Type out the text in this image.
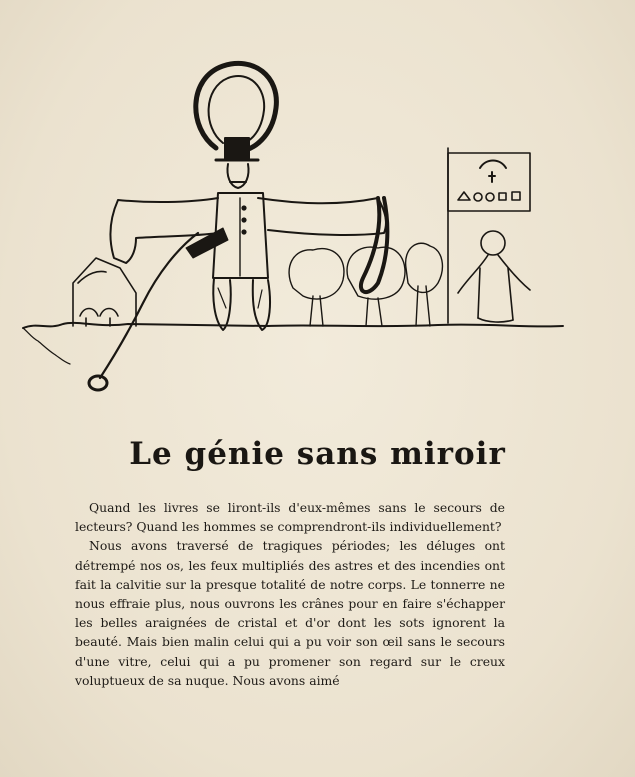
Le génie sans miroir

Quand les livres se liront-ils d'eux-mêmes sans le secours de lecteurs? Quand les hommes se comprendront-ils individuellement?

Nous avons traversé de tragiques périodes; les déluges ont détrempé nos os, les feux multipliés des astres et des incendies ont fait la calvitie sur la presque totalité de notre corps. Le tonnerre ne nous effraie plus, nous ouvrons les crânes pour en faire s'échapper les belles araignées de cristal et d'or dont les sots ignorent la beauté. Mais bien malin celui qui a pu voir son œil sans le secours d'une vitre, celui qui a pu promener son regard sur le creux voluptueux de sa nuque. Nous avons aimé
